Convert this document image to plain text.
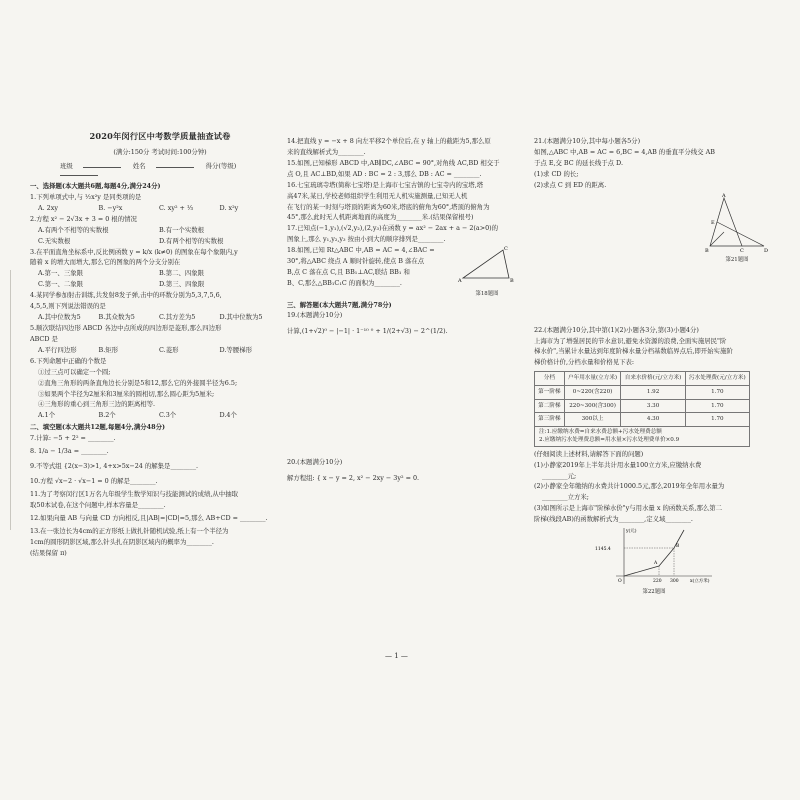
2020年闵行区中考数学质量抽查试卷
(满分:150分 考试时间:100分钟)
班级	姓名	得分(等级)
一、选择题(本大题共6题,每题4分,满分24分)
1.下列单项式中,与 ½x²y 是同类项的是
A. 2xy	B. −y²x	C. xy² + ⅓	D. x²y
2.方程 x² − 2√3x + 3 = 0 根的情况
A.有两个不相等的实数根	B.有一个实数根
C.无实数根	D.有两个相等的实数根
3.在平面直角坐标系中,反比例函数 y = k/x (k≠0) 的图象在每个象限内,y
随着 x 的增大而增大,那么它的图象的两个分支分别在
A.第一、三象限	B.第二、四象限
C.第一、二象限	D.第三、四象限
4.某同学参加射击训练,共发射8发子弹,击中的环数分别为5,3,7,5,6,
4,5,5,则下列说法错误的是
A.其中位数为5	B.其众数为5	C.其方差为5	D.其中位数为5
5.顺次联结四边形 ABCD 各边中点所成的四边形是菱形,那么四边形
ABCD 是
A.平行四边形	B.矩形	C.菱形	D.等腰梯形
6.下列命题中正确的个数是
①过三点可以确定一个圆;
②直角三角形的两条直角边长分别是5和12,那么它的外接圆半径为6.5;
③如果两个半径为2厘米和3厘米的圆相切,那么圆心距为5厘米;
④三角形的重心到三角形三边的距离相等.
A.1个	B.2个	C.3个	D.4个
二、填空题(本大题共12题,每题4分,满分48分)
7.计算: −5 + 2² = ________.
8. 1/a − 1/3a = ________.
9.不等式组 {2(x−3)>1, 4+x>5x−24 的解集是________.
10.方程 √x−2 · √x−1 = 0 的解是________.
11.为了考察闵行区1万名九年级学生数学知识与技能测试的成绩,从中抽取
取50本试卷,在这个问题中,样本容量是________.
12.如果向量 AB 与向量 CD 方向相反,且|AB|=|CD|=5,那么 AB+CD = ________.
13.在一张边长为4cm的正方形纸上做扎针随机试验,纸上有一个半径为
1cm的圆形阴影区域,那么针头扎在阴影区域内的概率为________.
(结果保留 π)
14.把直线 y = −x + 8 向左平移2个单位后,在 y 轴上的截距为5,那么原
来的直线解析式为________.
15.如图,已知梯形 ABCD 中,AB∥DC,∠ABC = 90°,对角线 AC,BD 相交于
点 O,且 AC⊥BD,如果 AD : BC = 2 : 3,那么 DB : AC = ________.
16.七宝琉璃寺塔(简称七宝塔)是上海市七宝古镇的七宝寺内的宝塔,塔
高47米,某日,学校老师组织学生利用无人机实施测量,已知无人机
在飞行的某一时刻与塔顶的距离为60米,塔底的俯角为60°,塔顶的俯角为
45°,那么此时无人机距离地面的高度为________米.(结果保留根号)
17.已知点(−1,y₁),(√2,y₂),(2,y₃)在函数 y = ax² − 2ax + a − 2(a>0)的
图象上,那么 y₁,y₂,y₃ 按由小到大的顺序排列是________.
18.如图,已知 Rt△ABC 中,AB = AC = 4,∠BAC =
30°,将△ABC 绕点 A 顺时针旋转,使点 B 落在点
B,点 C 落在点 C,且 BB₁⊥AC,联结 BB₁ 和
B、C,那么△BB₁C₁C 的面积为________.	A	B
C
第18题图
三、解答题(本大题共7题,满分78分)
19.(本题满分10分)
计算,(1+√2)⁰ − |−1| · 1⁻¹⁰ ⁰ + 1/(2+√3) − 2^(1/2).
20.(本题满分10分)
解方程组: { x − y = 2, x² − 2xy − 3y² = 0.
21.(本题满分10分,其中每小题各5分)
如图,△ABC 中,AB = AC = 6,BC = 4,AB 的垂直平分线交 AB
于点 E,交 BC 的延长线于点 D.
(1)求 CD 的长;
(2)求点 C 到 ED 的距离.
A
E
B	C	D
第21题图
22.(本题满分10分,其中第(1)(2)小题各3分,第(3)小题4分)
上海市为了增强居民的节水意识,避免水资源的浪费,全面实施居民"阶
梯水价",当累计水量达到年度阶梯水量分档基数临界点后,即开始实施阶
梯价格计价,分档水量和价格见下表:
分档	户年用水量(立方米)	自来水价格(元/立方米)	污水处理费(元/立方米)
第一阶梯	0~220(含220)	1.92	1.70
第二阶梯	220~300(含300)	3.30	1.70
第三阶梯	300以上	4.30	1.70
注:1.应缴纳水费=自来水费总额+污水处理费总额
2.应缴纳污水处理费总额=用水量×污水处理费单价×0.9
(仔细阅读上述材料,请解答下面的问题)
(1)小静家2019年上半年共计用水量100立方米,应缴纳水费
________元;
(2)小静家全年缴纳的水费共计1000.5元,那么2019年全年用水量为
________立方米;
(3)如图所示是上海市"阶梯水价"y与用水量 x 的函数关系,那么第二
阶梯(线段AB)的函数解析式为________,定义域________.
y(元)
x(立方米)
1145.4
A
B
O	220 300
第22题图
— 1 —
